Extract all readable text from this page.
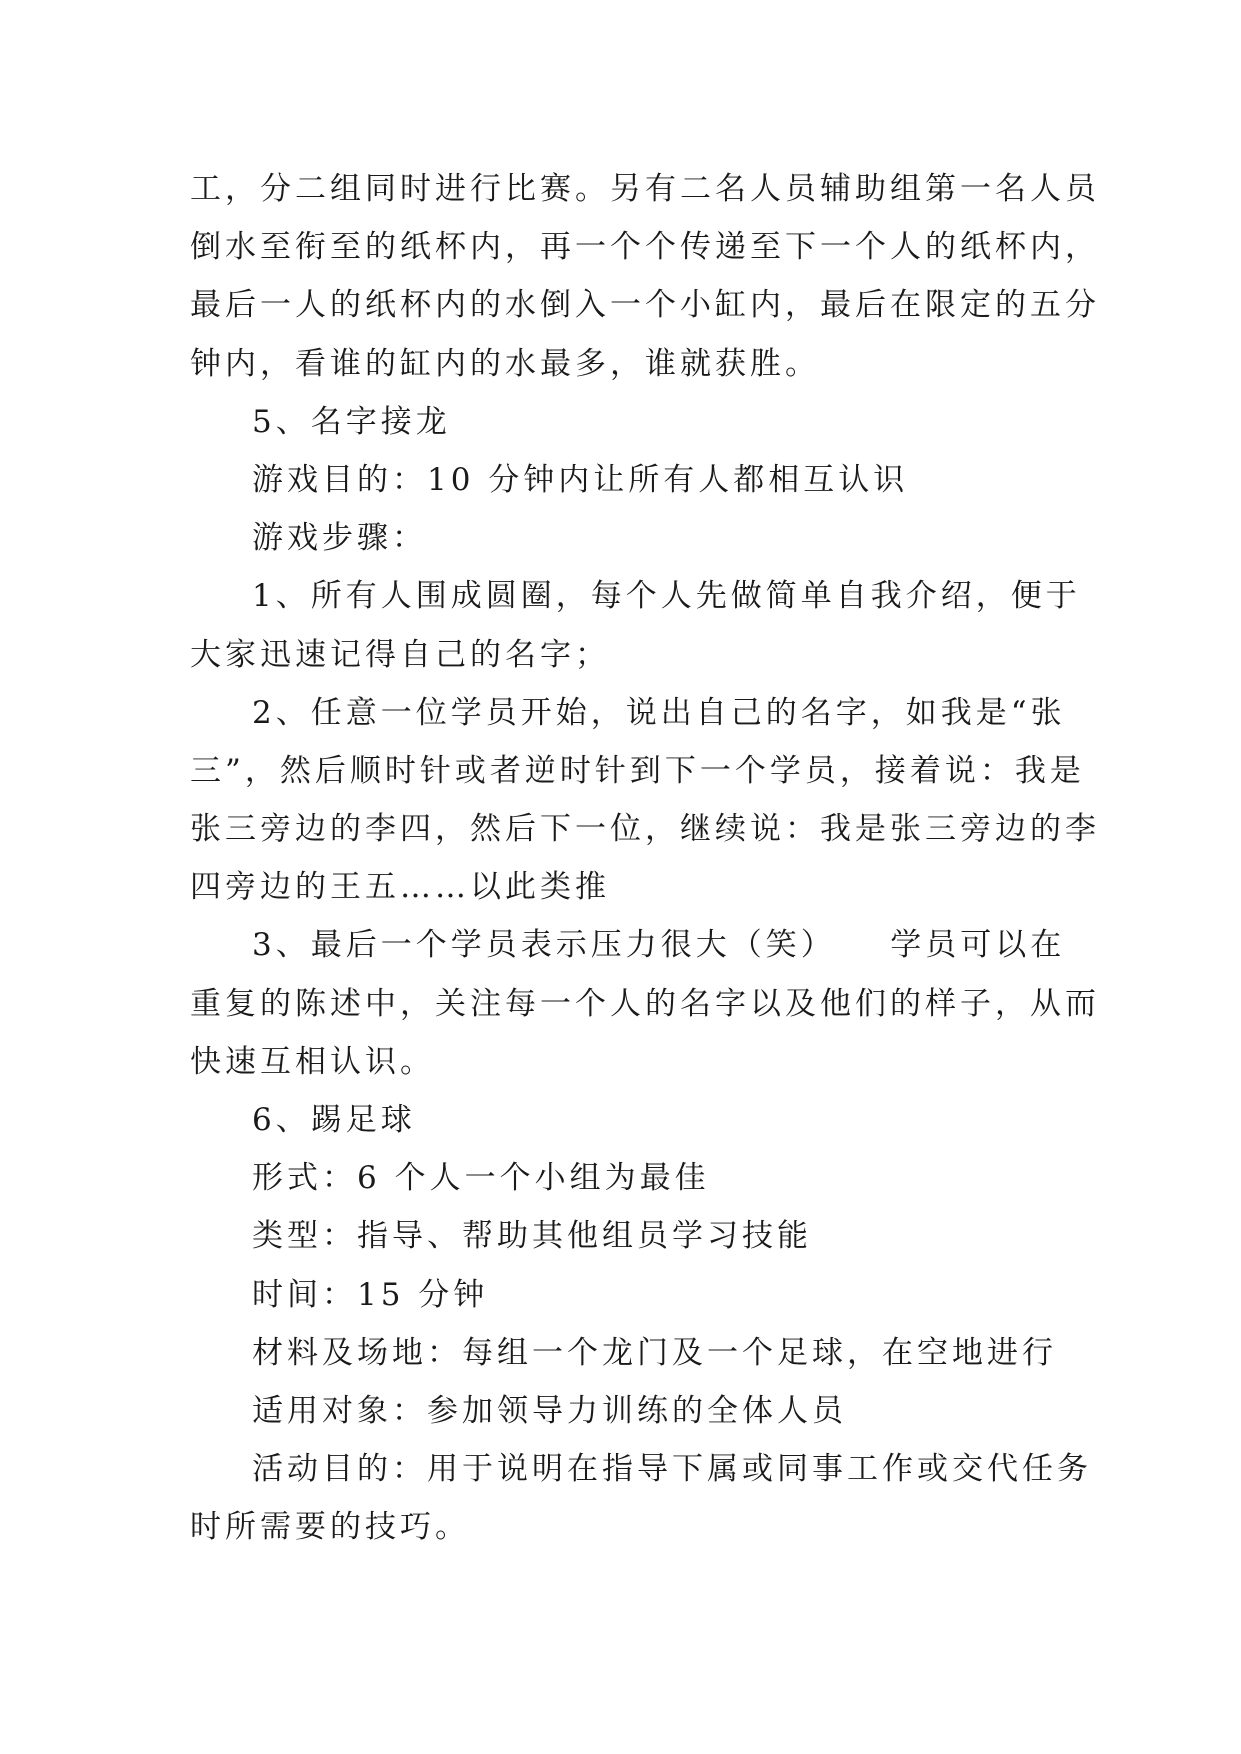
工，分二组同时进行比赛。另有二名人员辅助组第一名人员

倒水至衔至的纸杯内，再一个个传递至下一个人的纸杯内，

最后一人的纸杯内的水倒入一个小缸内，最后在限定的五分

钟内，看谁的缸内的水最多，谁就获胜。

5、名字接龙

游戏目的：10 分钟内让所有人都相互认识

游戏步骤：

1、所有人围成圆圈，每个人先做简单自我介绍，便于

大家迅速记得自己的名字；

2、任意一位学员开始，说出自己的名字，如我是“张

三”，然后顺时针或者逆时针到下一个学员，接着说：我是

张三旁边的李四，然后下一位，继续说：我是张三旁边的李

四旁边的王五……以此类推

3、最后一个学员表示压力很大（笑）　　学员可以在

重复的陈述中，关注每一个人的名字以及他们的样子，从而

快速互相认识。

6、踢足球

形式：6 个人一个小组为最佳

类型：指导、帮助其他组员学习技能

时间：15 分钟

材料及场地：每组一个龙门及一个足球，在空地进行

适用对象：参加领导力训练的全体人员

活动目的：用于说明在指导下属或同事工作或交代任务

时所需要的技巧。
